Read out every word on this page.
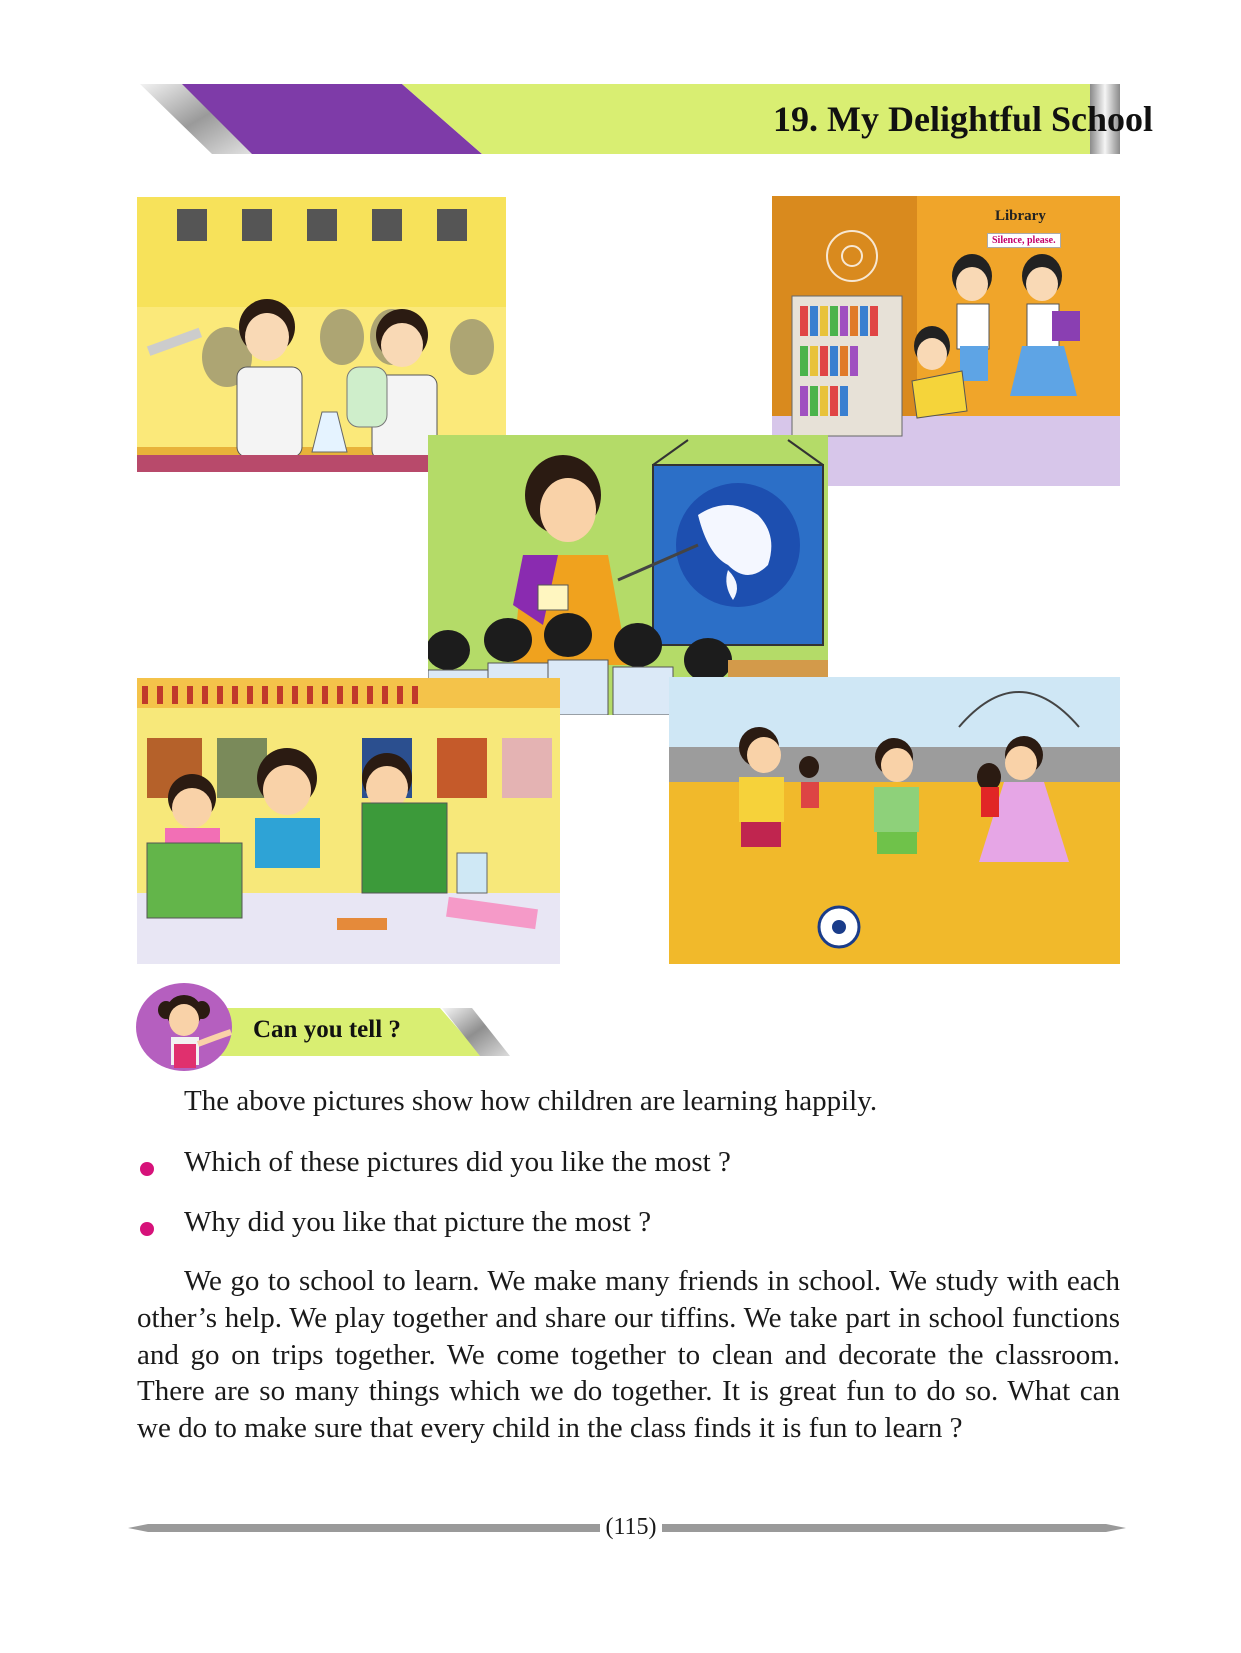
19. My Delightful School
Library
Silence, please.
Can you tell ?
The above pictures show how children are learning happily.
Which of these pictures did you like the most ?
Why did you like that picture the most ?
We go to school to learn. We make many friends in school. We study with each other’s help. We play together and share our tiffins. We take part in school functions and go on trips together. We come together to clean and decorate the classroom. There are so many things which we do together. It is great fun to do so. What can we do to make sure that every child in the class finds it is fun to learn ?
(115)
